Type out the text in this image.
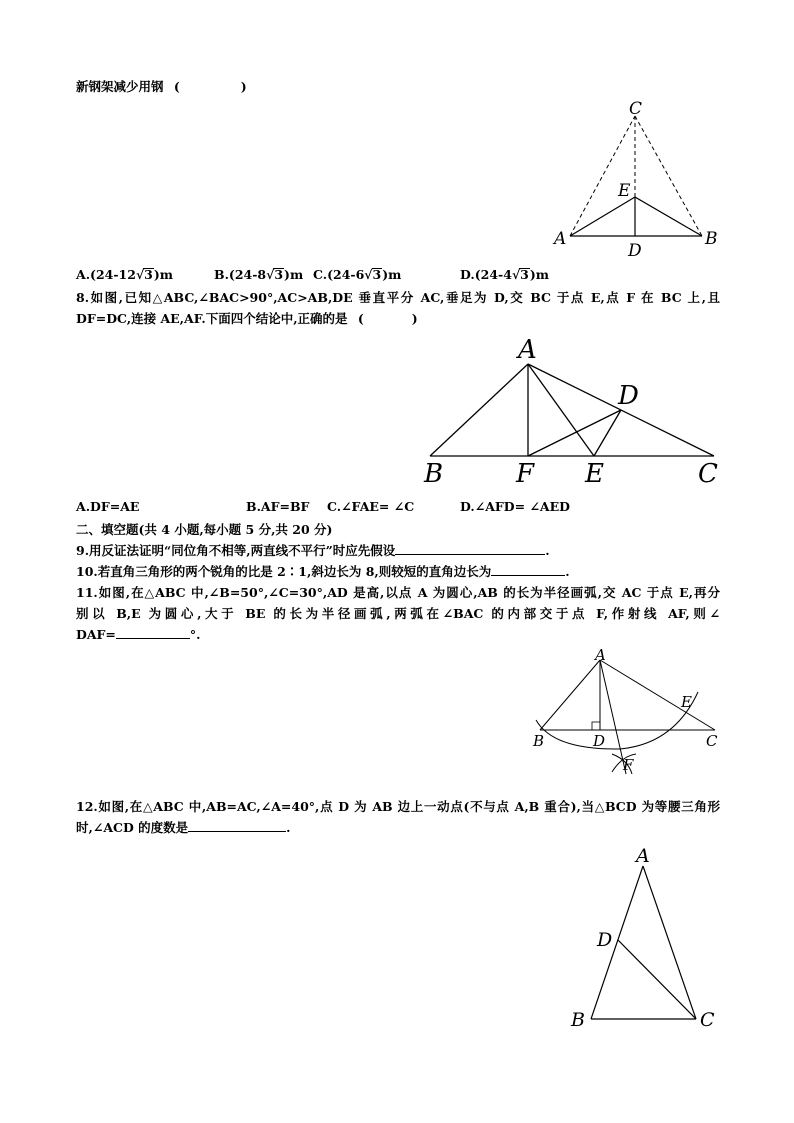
新钢架减少用钢 (              )
C
E
A
D
B
A.(24-12√3)m	B.(24-8√3)m C.(24-6√3)m	D.(24-4√3)m
8.如图,已知△ABC,∠BAC>90°,AC>AB,DE 垂直平分 AC,垂足为 D,交 BC 于点 E,点 F 在 BC 上,且
DF=DC,连接 AE,AF.下面四个结论中,正确的是 (           )
A
D
B	F E	C
A.DF=AE	B.AF=BF C.∠FAE= ∠C	D.∠AFD= ∠AED
二、填空题(共 4 小题,每小题 5 分,共 20 分)
9.用反证法证明“同位角不相等,两直线不平行”时应先假设	.
10.若直角三角形的两个锐角的比是 2∶1,斜边长为 8,则较短的直角边长为	.
11.如图,在△ABC 中,∠B=50°,∠C=30°,AD 是高,以点 A 为圆心,AB 的长为半径画弧,交 AC 于点 E,再分
别以 B,E 为圆心,大于 BE 的长为半径画弧,两弧在∠BAC 的内部交于点 F,作射线 AF,则∠
DAF=	°.
A
E
B	D	C
F
12.如图,在△ABC 中,AB=AC,∠A=40°,点 D 为 AB 边上一动点(不与点 A,B 重合),当△BCD 为等腰三角形
时,∠ACD 的度数是	.
A
D
B	C
